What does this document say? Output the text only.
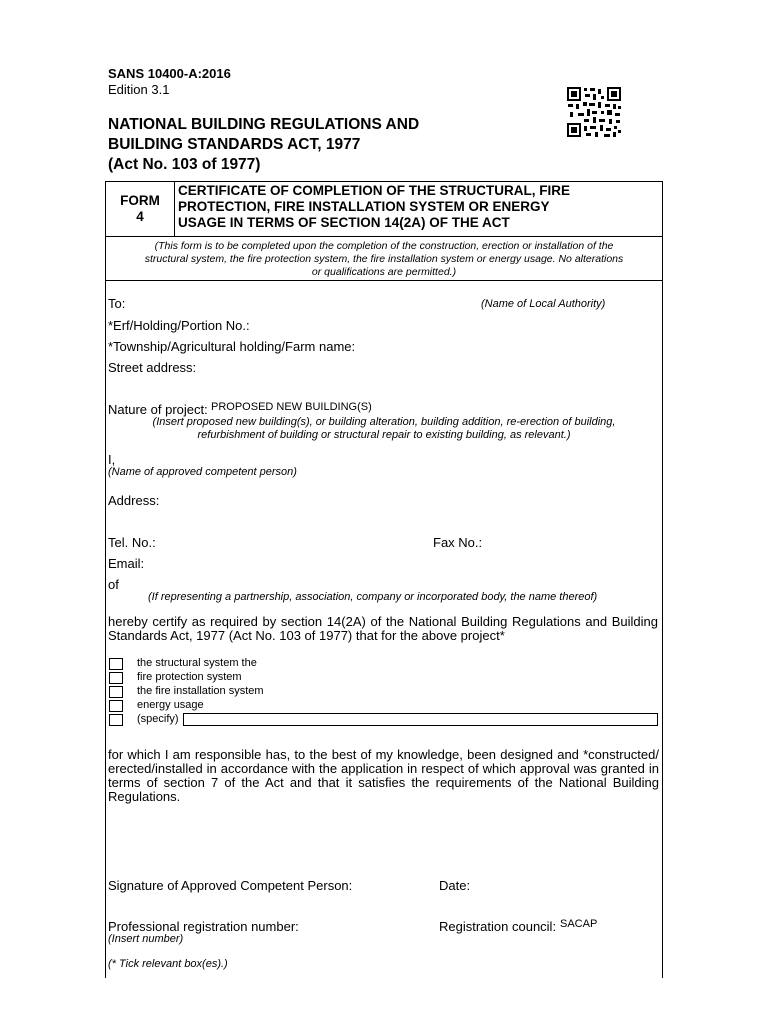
SANS 10400-A:2016
Edition 3.1
NATIONAL BUILDING REGULATIONS AND
BUILDING STANDARDS ACT, 1977
(Act No. 103 of 1977)
FORM
4
CERTIFICATE OF COMPLETION OF THE STRUCTURAL, FIRE
PROTECTION, FIRE INSTALLATION SYSTEM OR ENERGY
USAGE IN TERMS OF SECTION 14(2A) OF THE ACT
(This form is to be completed upon the completion of the construction, erection or installation of the
structural system, the fire protection system, the fire installation system or energy usage. No alterations
or qualifications are permitted.)
To:	(Name of Local Authority)
*Erf/Holding/Portion No.:
*Township/Agricultural holding/Farm name:
Street address:
Nature of project: PROPOSED NEW BUILDING(S)
(Insert proposed new building(s), or building alteration, building addition, re-erection of building,
refurbishment of building or structural repair to existing building, as relevant.)
I,
(Name of approved competent person)
Address:
Tel. No.:	Fax No.:
Email:
of
(If representing a partnership, association, company or incorporated body, the name thereof)
hereby certify as required by section 14(2A) of the National Building Regulations and Building
Standards Act, 1977 (Act No. 103 of 1977) that for the above project*
the structural system the
fire protection system
the fire installation system
energy usage
(specify)
for which I am responsible has, to the best of my knowledge, been designed and *constructed/
erected/installed in accordance with the application in respect of which approval was granted in
terms of section 7 of the Act and that it satisfies the requirements of the National Building
Regulations.
Signature of Approved Competent Person:	Date:
Professional registration number:
(Insert number)
Registration council: SACAP
(* Tick relevant box(es).)
